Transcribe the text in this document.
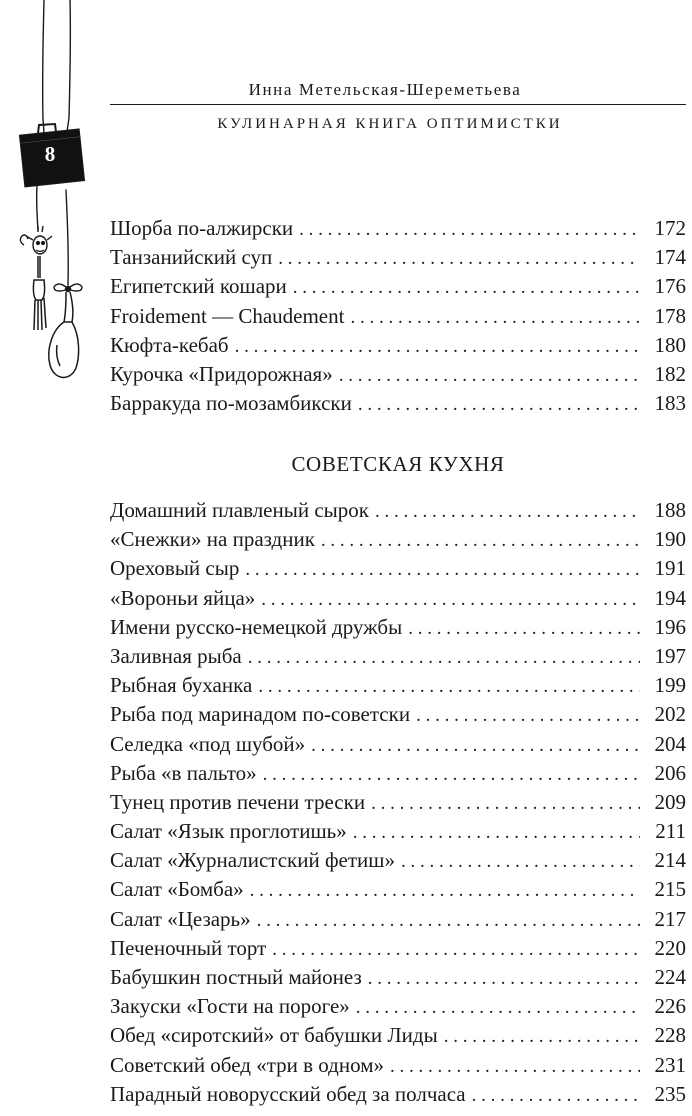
8
Инна Метельская-Шереметьева
КУЛИНАРНАЯ КНИГА ОПТИМИСТКИ
Шорба по-алжирски . . .	172
Танзанийский суп . . .	174
Египетский кошари . . .	176
Froidement — Chaudement . . .	178
Кюфта-кебаб . . .	180
Курочка «Придорожная» . . .	182
Барракуда по-мозамбикски . . .	183
СОВЕТСКАЯ КУХНЯ
Домашний плавленый сырок . . .	188
«Снежки» на праздник . . .	190
Ореховый сыр . . .	191
«Вороньи яйца» . . .	194
Имени русско-немецкой дружбы . . .	196
Заливная рыба . . .	197
Рыбная буханка . . .	199
Рыба под маринадом по-советски . . .	202
Селедка «под шубой» . . .	204
Рыба «в пальто» . . .	206
Тунец против печени трески . . .	209
Салат «Язык проглотишь» . . .	211
Салат «Журналистский фетиш» . . .	214
Салат «Бомба» . . .	215
Салат «Цезарь» . . .	217
Печеночный торт . . .	220
Бабушкин постный майонез . . .	224
Закуски «Гости на пороге» . . .	226
Обед «сиротский» от бабушки Лиды . . .	228
Советский обед «три в одном» . . .	231
Парадный новорусский обед за полчаса . . .	235
